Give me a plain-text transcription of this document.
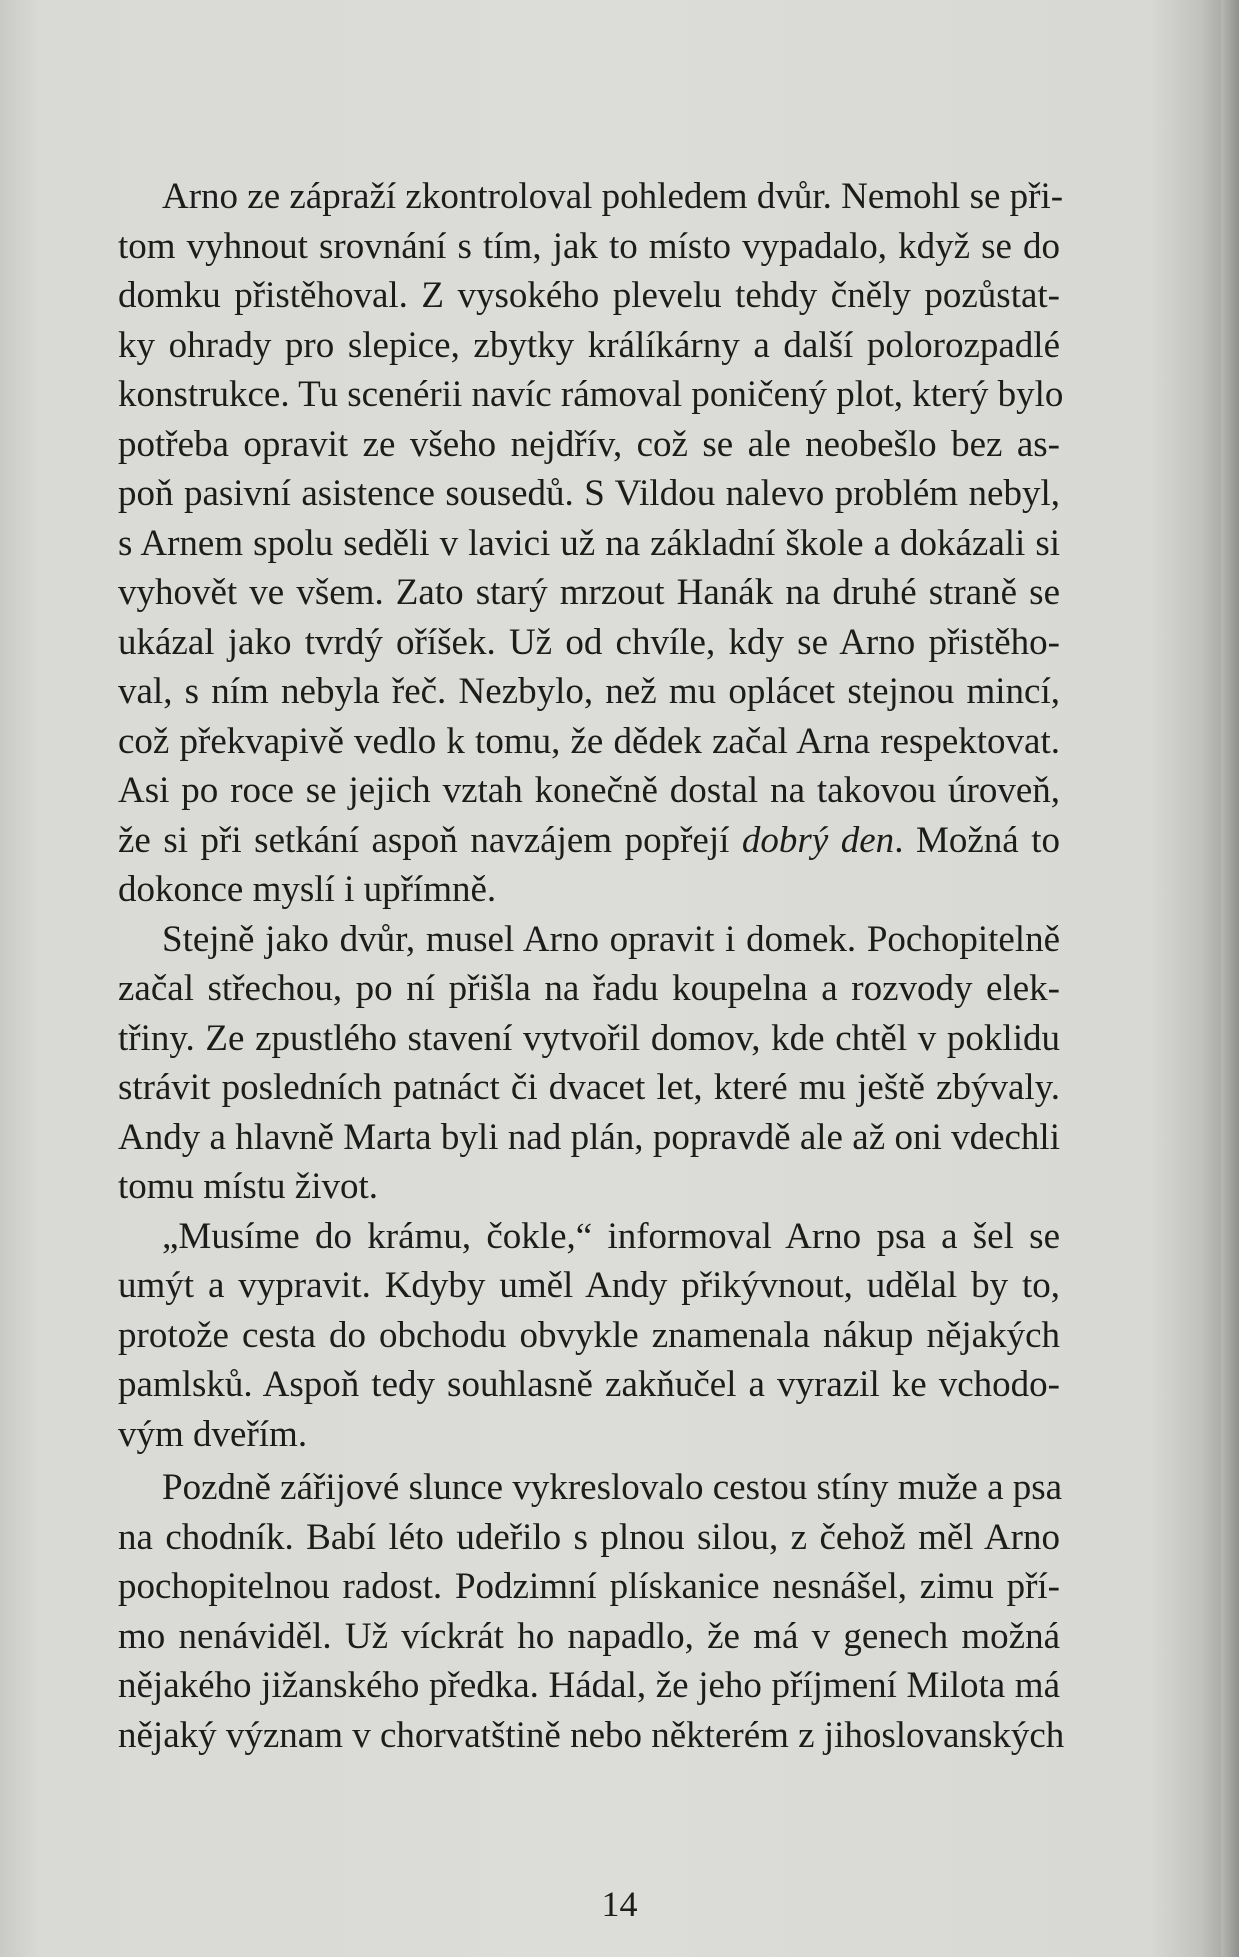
Arno ze zápraží zkontroloval pohledem dvůr. Nemohl se při-
tom vyhnout srovnání s tím, jak to místo vypadalo, když se do
domku přistěhoval. Z vysokého plevelu tehdy čněly pozůstat-
ky ohrady pro slepice, zbytky králíkárny a další polorozpadlé
konstrukce. Tu scenérii navíc rámoval poničený plot, který bylo
potřeba opravit ze všeho nejdřív, což se ale neobešlo bez as-
poň pasivní asistence sousedů. S Vildou nalevo problém nebyl,
s Arnem spolu seděli v lavici už na základní škole a dokázali si
vyhovět ve všem. Zato starý mrzout Hanák na druhé straně se
ukázal jako tvrdý oříšek. Už od chvíle, kdy se Arno přistěho-
val, s ním nebyla řeč. Nezbylo, než mu oplácet stejnou mincí,
což překvapivě vedlo k tomu, že dědek začal Arna respektovat.
Asi po roce se jejich vztah konečně dostal na takovou úroveň,
že si při setkání aspoň navzájem popřejí dobrý den. Možná to
dokonce myslí i upřímně.
Stejně jako dvůr, musel Arno opravit i domek. Pochopitelně
začal střechou, po ní přišla na řadu koupelna a rozvody elek-
třiny. Ze zpustlého stavení vytvořil domov, kde chtěl v poklidu
strávit posledních patnáct či dvacet let, které mu ještě zbývaly.
Andy a hlavně Marta byli nad plán, popravdě ale až oni vdechli
tomu místu život.
„Musíme do krámu, čokle,“ informoval Arno psa a šel se
umýt a vypravit. Kdyby uměl Andy přikývnout, udělal by to,
protože cesta do obchodu obvykle znamenala nákup nějakých
pamlsků. Aspoň tedy souhlasně zakňučel a vyrazil ke vchodo-
vým dveřím.
Pozdně zářijové slunce vykreslovalo cestou stíny muže a psa
na chodník. Babí léto udeřilo s plnou silou, z čehož měl Arno
pochopitelnou radost. Podzimní plískanice nesnášel, zimu pří-
mo nenáviděl. Už víckrát ho napadlo, že má v genech možná
nějakého jižanského předka. Hádal, že jeho příjmení Milota má
nějaký význam v chorvatštině nebo některém z jihoslovanských
14
